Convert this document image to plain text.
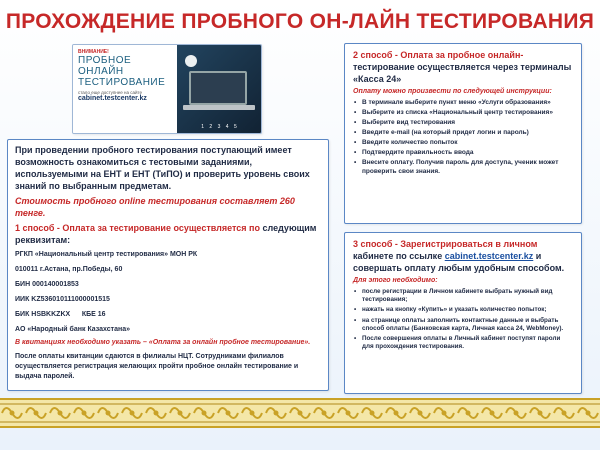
ПРОХОЖДЕНИЕ ПРОБНОГО ОН-ЛАЙН ТЕСТИРОВАНИЯ
ВНИМАНИЕ!
ПРОБНОЕ
ОНЛАЙН
ТЕСТИРОВАНИЕ
стало еще доступнее на сайте
cabinet.testcenter.kz
1 2 3 4 5
При проведении пробного тестирования поступающий имеет возможность ознакомиться с тестовыми заданиями, используемыми на ЕНТ и ЕНТ (ТиПО) и проверить уровень своих знаний по выбранным предметам.
Стоимость пробного online тестирования составляет 260 тенге.
1 способ - Оплата за тестирование осуществляется по следующим реквизитам:
РГКП «Национальный центр тестирования» МОН РК
010011 г.Астана, пр.Победы, 60
БИН 000140001853
ИИК KZ536010111000001515
БИК HSBKKZKX      КБЕ 16
АО «Народный банк Казахстана»
В квитанциях необходимо указать – «Оплата за онлайн пробное тестирование».
После оплаты квитанции сдаются в филиалы НЦТ. Сотрудниками филиалов осуществляется регистрация желающих пройти пробное онлайн тестирование и выдача паролей.
2 способ - Оплата за пробное онлайн- тестирование осуществляется через терминалы «Касса 24»
Оплату можно произвести по следующей инструкции:
• В терминале выберите пункт меню «Услуги образования»
• Выберите из списка «Национальный центр тестирования»
• Выберите вид тестирования
• Введите e-mail (на который придет логин и пароль)
• Введите количество попыток
• Подтвердите правильность ввода
• Внесите оплату. Получив пароль для доступа, ученик может проверить свои знания.
3 способ - Зарегистрироваться в личном кабинете по ссылке cabinet.testcenter.kz и совершать оплату любым удобным способом.
Для этого необходимо:
• после регистрации в Личном кабинете выбрать нужный вид тестирования;
• нажать на кнопку «Купить» и указать количество попыток;
• на странице оплаты заполнить контактные данные и выбрать способ оплаты (Банковская карта, Личная касса 24, WebMoney).
• После совершения оплаты в Личный кабинет поступят пароли для прохождения тестирования.
